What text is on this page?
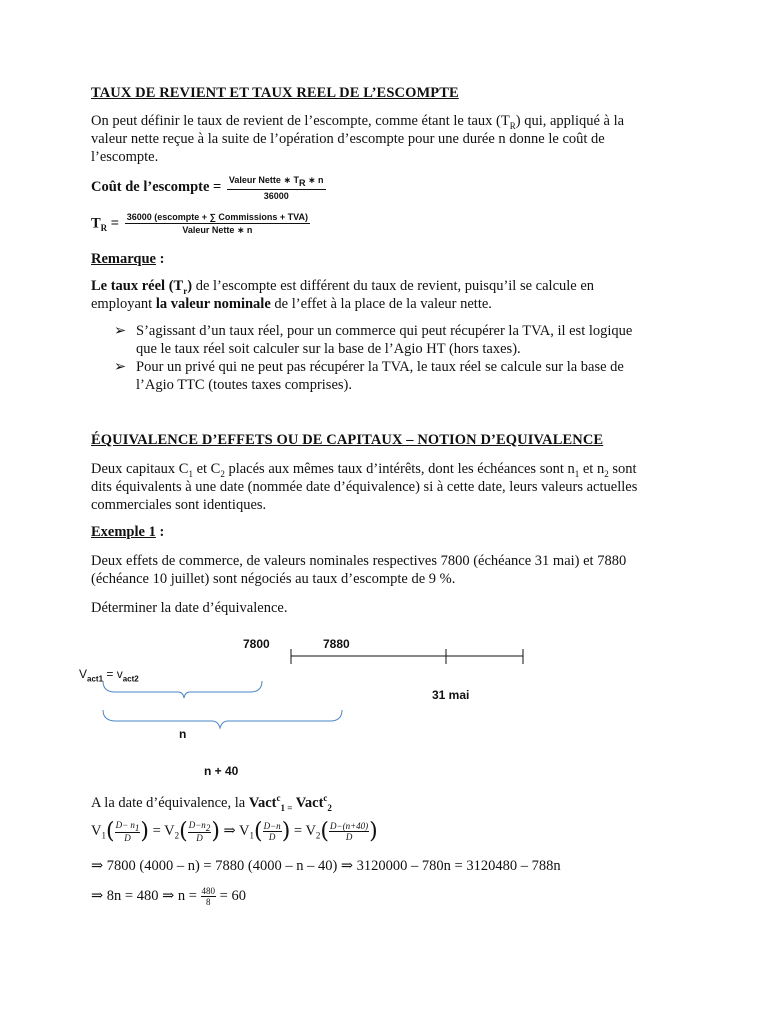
TAUX DE REVIENT ET TAUX REEL DE L’ESCOMPTE
On peut définir le taux de revient de l’escompte, comme étant le taux $(T_R)$ qui, appliqué à la
valeur nette reçue à la suite de l’opération d’escompte pour une durée n donne le coût de
l’escompte.
Coût de l’escompte = $\frac{Valeur Nette ∗ T_R ∗ n}{36000}$
$T_R = \frac{\text{36000 (escompte + ∑ Commissions + TVA)}}{\text{Valeur Nette ∗ n}}$
Remarque :
Le taux réel $(T_r)$ de l’escompte est différent du taux de revient, puisqu’il se calcule en
employant la valeur nominale de l’effet à la place de la valeur nette.
➢ S’agissant d’un taux réel, pour un commerce qui peut récupérer la TVA, il est logique
que le taux réel soit calculer sur la base de l’Agio HT (hors taxes).
➢ Pour un privé qui ne peut pas récupérer la TVA, le taux réel se calcule sur la base de
l’Agio TTC (toutes taxes comprises).
ÉQUIVALENCE D’EFFETS OU DE CAPITAUX – NOTION D’EQUIVALENCE
Deux capitaux $C_1$ et $C_2$ placés aux mêmes taux d’intérêts, dont les échéances sont $n_1$ et $n_2$ sont
dits équivalents à une date (nommée date d’équivalence) si à cette date, leurs valeurs actuelles
commerciales sont identiques.
Exemple 1 :
Deux effets de commerce, de valeurs nominales respectives 7800 (échéance 31 mai) et 7880
(échéance 10 juillet) sont négociés au taux d’escompte de 9 %.
Déterminer la date d’équivalence.
7800	7880
$V_{act1} = v_{act2}$
31 mai
n
n + 40
A la date d’équivalence, la Vact$^c_{1 =}$ Vact$^c_2$
$V_1( \frac{D- n_1}{D}$ ) = $V_2( \frac{D-n_2}{D}$ ) ⇒ $V_1( \frac{D-n}{D}$ ) = $V_2( \frac{D-(n+40)}{D}$ )
⇒ 7800 (4000 – n) = 7880 (4000 – n – 40) ⇒ 3120000 – 780n = 3120480 – 788n
⇒ 8n = 480 ⇒ $n = \frac{480}{8} = 60$
